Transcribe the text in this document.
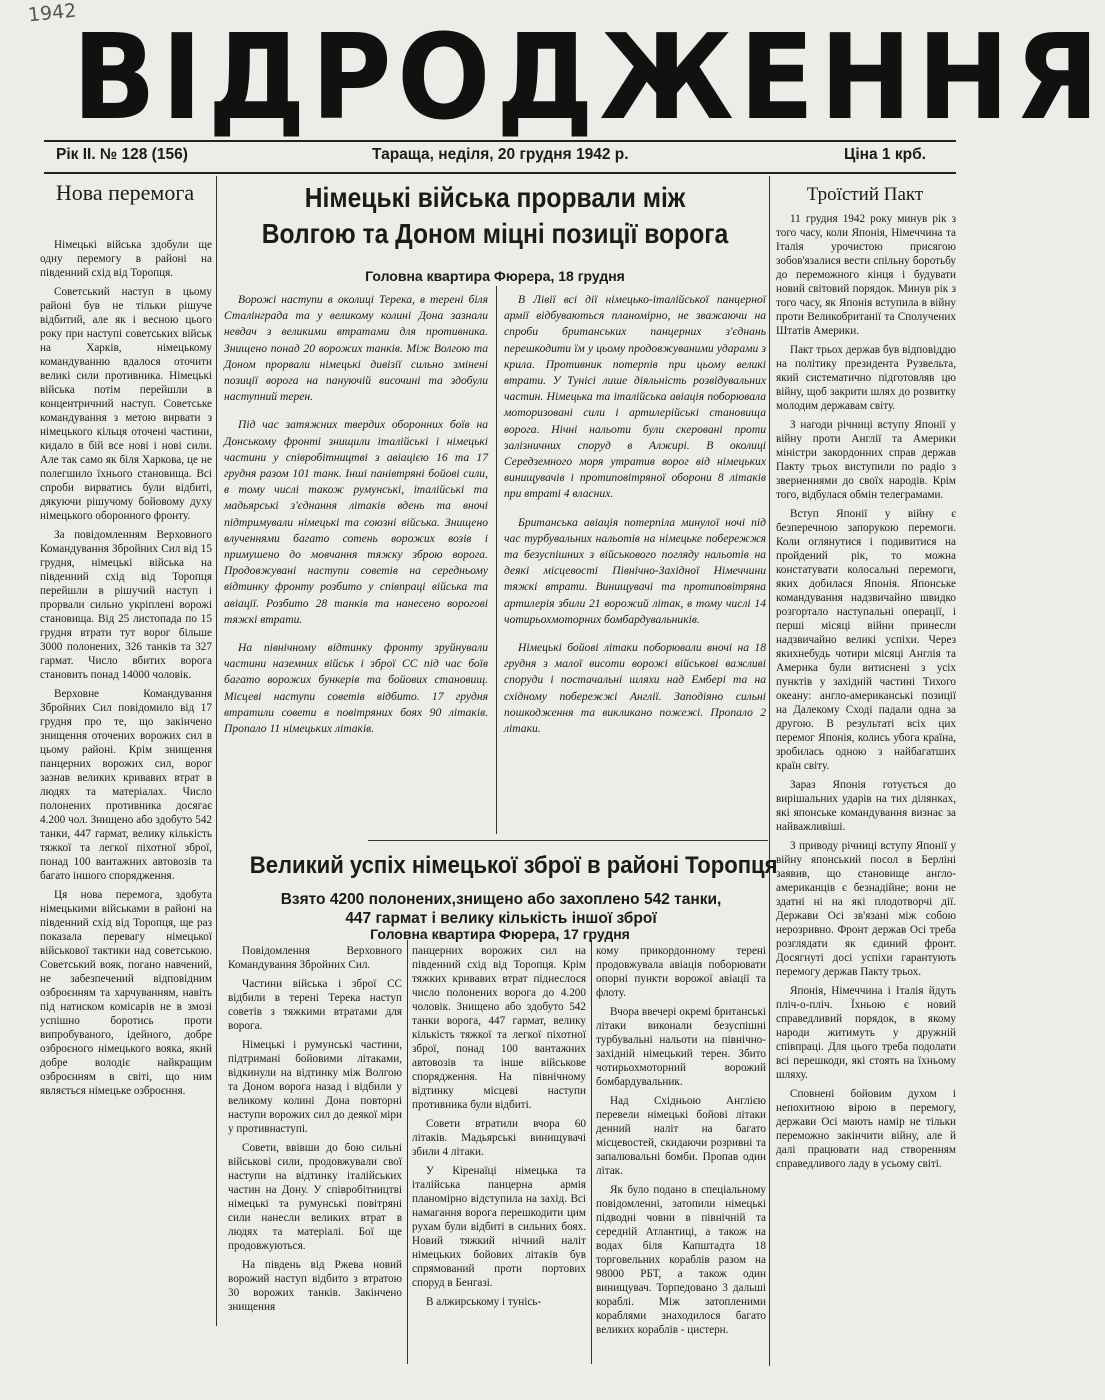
1942
ВІДРОДЖЕННЯ
Рік II. № 128 (156)	Тараща, неділя, 20 грудня 1942 р.	Ціна 1 крб.
Нова перемога

Німецькі війська здобули ще одну перемогу в районі на південний схід від Торопця.

Советський наступ в цьому районі був не тільки рішуче відбитий, але як і весною цього року при наступі советських військ на Харків, німецькому командуванню вдалося оточити великі сили противника. Німецькі війська потім перейшли в концентричний наступ. Советське командування з метою вирвати з німецького кільця оточені частини, кидало в бій все нові і нові сили. Але так само як біля Харкова, це не полегшило їхнього становища. Всі спроби вирватись були відбиті, дякуючи рішучому бойовому духу німецького оборонного фронту.

За повідомленням Верховного Командування Збройних Сил від 15 грудня, німецькі війська на південний схід від Торопця перейшли в рішучий наступ і прорвали сильно укріплені ворожі становища. Від 25 листопада по 15 грудня втрати тут ворог більше 3000 полонених, 326 танків та 327 гармат. Число вбитих ворога становить понад 14000 чоловік.

Верховне Командування Збройних Сил повідомило від 17 грудня про те, що закінчено знищення оточених ворожих сил в цьому районі. Крім знищення панцерних ворожих сил, ворог зазнав великих кривавих втрат в людях та матеріалах. Число полонених противника досягає 4.200 чол. Знищено або здобуто 542 танки, 447 гармат, велику кількість тяжкої та легкої піхотної зброї, понад 100 вантажних автовозів та багато іншого спорядження.

Ця нова перемога, здобута німецькими військами в районі на південний схід від Торопця, ще раз показала перевагу німецької військової тактики над советською. Советський вояк, погано навчений, не забезпечений відповідним озброєнням та харчуванням, навіть під натиском комісарів не в змозі успішно боротись проти випробуваного, ідейного, добре озброєного німецького вояка, який добре володіє найкращим озброєнням в світі, що ним являється німецьке озброєння.

Німецькі війська прорвали між Волгою та Доном міцні позиції ворога
Головна квартира Фюрера, 18 грудня

Ворожі наступи в околиці Терека, в терені біля Сталінграда та у великому колині Дона зазнали невдач з великими втратами для противника. Знищено понад 20 ворожих танків. Між Волгою та Доном прорвали німецькі дивізії сильно змінені позиції ворога на пануючій височині та здобули наступний терен.

Під час затяжних твердих оборонних боїв на Донському фронті знищили італійські і німецькі частини у співробітництві з авіацією 16 та 17 грудня разом 101 танк. Інші панівтряні бойові сили, в тому числі також румунські, італійські та мадьярські з'єднання літаків вдень та вночі підтримували німецькі та союзні війська. Знищено влученнями багато сотень ворожих возів і примушено до мовчання тяжку зброю ворога. Продовжувані наступи советів на середньому відтинку фронту розбито у співпраці війська та авіації. Розбито 28 танків та нанесено ворогові тяжкі втрати.

На північному відтинку фронту зруйнували частини наземних військ і зброї СС під час боїв багато ворожих бункерів та бойових становищ. Місцеві наступи советів відбито. 17 грудня втратили совети в повітряних боях 90 літаків. Пропало 11 німецьких літаків.

В Лівії всі дії німецько-італійської панцерної армії відбуваються планомірно, не зважаючи на спроби британських панцерних з'єднань перешкодити їм у цьому продовжуваними ударами з крила. Противник потерпів при цьому великі втрати. У Тунісі лише діяльність розвідувальних частин. Німецька та італійська авіація поборювала моторизовані сили і артилерійські становища ворога. Нічні нальоти були скеровані проти залізничних споруд в Алжирі. В околиці Середземного моря утратив ворог від німецьких винищувачів і протиповітряної оборони 8 літаків при втраті 4 власних.

Британська авіація потерпіла минулої ночі під час турбувальних нальотів на німецьке побережжя та безуспішних з військового погляду нальотів на деякі місцевості Північно-Західної Німеччини тяжкі втрати. Винищувачі та протиповітряна артилерія збили 21 ворожий літак, в тому числі 14 чотирьохмоторних бомбардувальників.

Німецькі бойові літаки поборювали вночі на 18 грудня з малої висоти ворожі військові важливі споруди і постачальні шляхи над Ембері та на східному побережжі Англії. Заподіяно сильні пошкодження та викликано пожежі. Пропало 2 літаки.

Троїстий Пакт

11 грудня 1942 року минув рік з того часу, коли Японія, Німеччина та Італія урочистою присягою зобов'язалися вести спільну боротьбу до переможного кінця і будувати новий світовий порядок. Минув рік з того часу, як Японія вступила в війну проти Великобританії та Сполучених Штатів Америки.

Пакт трьох держав був відповіддю на політику президента Рузвельта, який систематично підготовляв цю війну, щоб закрити шлях до розвитку молодим державам світу.

З нагоди річниці вступу Японії у війну проти Англії та Америки міністри закордонних справ держав Пакту трьох виступили по радіо з зверненнями до своїх народів. Крім того, відбулася обмін телеграмами.

Вступ Японії у війну є безперечною запорукою перемоги. Коли оглянутися і подивитися на пройдений рік, то можна констатувати колосальні перемоги, яких добилася Японія. Японське командування надзвичайно швидко розгортало наступальні операції, і перші місяці війни принесли надзвичайно великі успіхи. Через якихнебудь чотири місяці Англія та Америка були витиснені з усіх пунктів у західній частині Тихого океану: англо-американські позиції на Далекому Сході падали одна за другою. В результаті всіх цих перемог Японія, колись убога країна, зробилась одною з найбагатших країн світу.

Зараз Японія готується до вирішальних ударів на тих ділянках, які японське командування визнає за найважливіші.

З приводу річниці вступу Японії у війну японський посол в Берліні заявив, що становище англо-американців є безнадійне; вони не здатні ні на які плодотворчі дії. Держави Осі зв'язані між собою нерозривно. Фронт держав Осі треба розглядати як єдиний фронт. Досягнуті досі успіхи гарантують перемогу держав Пакту трьох.

Японія, Німеччина і Італія йдуть пліч-о-пліч. Їхньою є новий справедливий порядок, в якому народи житимуть у дружній співпраці. Для цього треба подолати всі перешкоди, які стоять на їхньому шляху.

Сповнені бойовим духом і непохитною вірою в перемогу, держави Осі мають намір не тільки переможно закінчити війну, але й далі працювати над створенням справедливого ладу в усьому світі.

Великий успіх німецької зброї в районі Торопця
Взято 4200 полонених,знищено або захоплено 542 танки,
447 гармат і велику кількість іншої зброї
Головна квартира Фюрера, 17 грудня

Повідомлення Верховного Командування Збройних Сил.

Частини війська і зброї СС відбили в терені Терека наступ советів з тяжкими втратами для ворога.

Німецькі і румунські частини, підтримані бойовими літаками, відкинули на відтинку між Волгою та Доном ворога назад і відбили у великому колині Дона повторні наступи ворожих сил до деякої міри у противнаступі.

Совети, ввівши до бою сильні військові сили, продовжували свої наступи на відтинку італійських частин на Дону. У співробітництві німецькі та румунські повітряні сили нанесли великих втрат в людях та матеріалі. Бої ще продовжуються.

На південь від Ржева новий ворожий наступ відбито з втратою 30 ворожих танків. Закінчено знищення

панцерних ворожих сил на південний схід від Торопця. Крім тяжких кривавих втрат піднеслося число полонених ворога до 4.200 чоловік. Знищено або здобуто 542 танки ворога, 447 гармат, велику кількість тяжкої та легкої піхотної зброї, понад 100 вантажних автовозів та інше військове спорядження. На північному відтинку місцеві наступи противника були відбиті.

Совети втратили вчора 60 літаків. Мадьярські винищувачі збили 4 літаки.

У Кіренаїці німецька та італійська панцерна армія планомірно відступила на захід. Всі намагання ворога перешкодити цим рухам були відбиті в сильних боях. Новий тяжкий нічний наліт німецьких бойових літаків був спрямований проти портових споруд в Бенгазі.

В алжирському і тунісь-

кому прикордонному терені продовжувала авіація поборювати опорні пункти ворожої авіації та флоту.

Вчора ввечері окремі британські літаки виконали безуспішні турбувальні нальоти на північно-західній німецький терен. Збито чотирьохмоторний ворожий бомбардувальник.

Над Східньою Англією перевели німецькі бойові літаки денний наліт на багато місцевостей, скидаючи розривні та запалювальні бомби. Пропав один літак.

Як було подано в спеціальному повідомленні, затопили німецькі підводні човни в північній та середній Атлантиці, а також на водах біля Капштадта 18 торговельних кораблів разом на 98000 РБТ, а також один винищувач. Торпедовано 3 дальші кораблі. Між затопленими кораблями знаходилося багато великих кораблів - цистерн.
